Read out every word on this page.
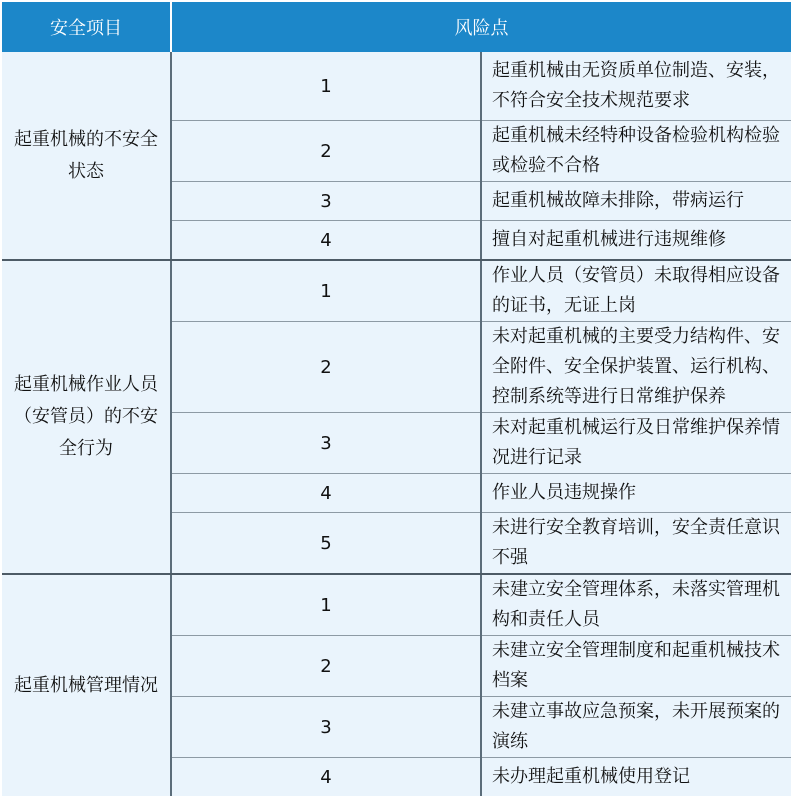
安全项目	风险点	
起重机械的不安全状态	1	起重机械由无资质单位制造、安装，不符合安全技术规范要求
	2	起重机械未经特种设备检验机构检验或检验不合格
	3	起重机械故障未排除，带病运行
	4	擅自对起重机械进行违规维修
起重机械作业人员（安管员）的不安全行为	1	作业人员（安管员）未取得相应设备的证书，无证上岗
	2	未对起重机械的主要受力结构件、安全附件、安全保护装置、运行机构、控制系统等进行日常维护保养
	3	未对起重机械运行及日常维护保养情况进行记录
	4	作业人员违规操作
	5	未进行安全教育培训，安全责任意识不强
起重机械管理情况	1	未建立安全管理体系，未落实管理机构和责任人员
	2	未建立安全管理制度和起重机械技术档案
	3	未建立事故应急预案，未开展预案的演练
	4	未办理起重机械使用登记
